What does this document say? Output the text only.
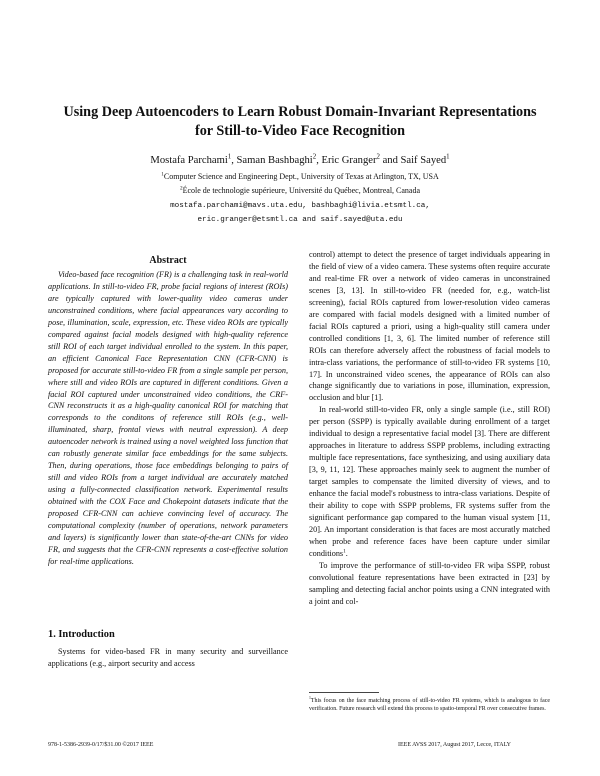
Using Deep Autoencoders to Learn Robust Domain-Invariant Representations
for Still-to-Video Face Recognition
Mostafa Parchami$^1$, Saman Bashbaghi$^2$, Eric Granger$^2$ and Saif Sayed$^1$
$^1$Computer Science and Engineering Dept., University of Texas at Arlington, TX, USA
$^2$École de technologie supérieure, Université du Québec, Montreal, Canada
mostafa.parchami@mavs.uta.edu, bashbaghi@livia.etsmtl.ca,
eric.granger@etsmtl.ca and saif.sayed@uta.edu
Abstract

Video-based face recognition (FR) is a challenging task in real-world applications. In still-to-video FR, probe facial regions of interest (ROIs) are typically captured with lower-quality video cameras under unconstrained conditions, where facial appearances vary according to pose, illumination, scale, expression, etc. These video ROIs are typically compared against facial models designed with high-quality reference still ROI of each target individual enrolled to the system. In this paper, an efficient Canonical Face Representation CNN (CFR-CNN) is proposed for accurate still-to-video FR from a single sample per person, where still and video ROIs are captured in different conditions. Given a facial ROI captured under unconstrained video conditions, the CRF-CNN reconstructs it as a high-quality canonical ROI for matching that corresponds to the conditons of reference still ROIs (e.g., well-illuminated, sharp, frontal views with neutral expression). A deep autoencoder network is trained using a novel weighted loss function that can robustly generate similar face embeddings for the same subjects. Then, during operations, those face embeddings belonging to pairs of still and video ROIs from a target individual are accurately matched using a fully-connected classification network. Experimental results obtained with the COX Face and Chokepoint datasets indicate that the proposed CFR-CNN can achieve convincing level of accuracy. The computational complexity (number of operations, network parameters and layers) is significantly lower than state-of-the-art CNNs for video FR, and suggests that the CFR-CNN represents a cost-effective solution for real-time applications.

1. Introduction

Systems for video-based FR in many security and surveillance applications (e.g., airport security and access

control) attempt to detect the presence of target individuals appearing in the field of view of a video camera. These systems often require accurate and real-time FR over a network of video cameras in unconstrained scenes [3, 13]. In still-to-video FR (needed for, e.g., watch-list screening), facial ROIs captured from lower-resolution video cameras are compared with facial models designed with a limited number of facial ROIs captured a priori, using a high-quality still camera under controlled conditions [1, 3, 6]. The limited number of reference still ROIs can therefore adversely affect the robustness of facial models to intra-class variations, the performance of still-to-video FR systems [10, 17]. In unconstrained video scenes, the appearance of ROIs can also change significantly due to variations in pose, illumination, expression, occlusion and blur [1].

In real-world still-to-video FR, only a single sample (i.e., still ROI) per person (SSPP) is typically available during enrollment of a target individual to design a representative facial model [3]. There are different approaches in literature to address SSPP problems, including extracting multiple face representations, face synthesizing, and using auxiliary data [3, 9, 11, 12]. These approaches mainly seek to augment the number of target samples to compensate the limited diversity of views, and to enhance the facial model's robustness to intra-class variations. Despite of their ability to cope with SSPP problems, FR systems suffer from the significant performance gap compared to the human visual system [11, 20]. An important consideration is that faces are most accuratly matched when probe and reference faces have been capture under similar conditions$^1$.

To improve the performance of still-to-video FR wiþa SSPP, robust convolutional feature representations have been extracted in [23] by sampling and detecting facial anchor points using a CNN integrated with a joint and col-

$^1$This focus on the face matching process of still-to-video FR systems, which is analogous to face verification. Future research will extend this process to spatio-temporal FR over consecutive frames.
978-1-5386-2939-0/17/$31.00 ©2017 IEEE	IEEE AVSS 2017, August 2017, Lecce, ITALY
